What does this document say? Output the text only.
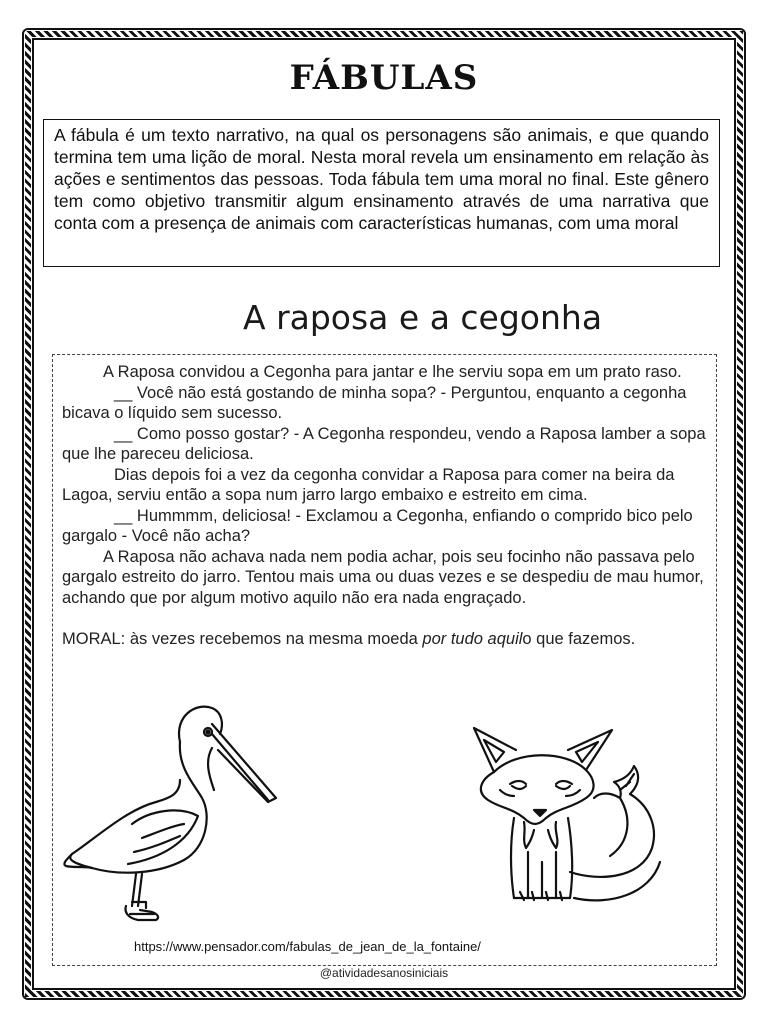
FÁBULAS
A fábula é um texto narrativo, na qual os personagens são animais, e que quando termina tem uma lição de moral. Nesta moral revela um ensinamento em relação às ações e sentimentos das pessoas. Toda fábula tem uma moral no final. Este gênero tem como objetivo transmitir algum ensinamento através de uma narrativa que conta com a presença de animais com características humanas, com uma moral
A raposa e a cegonha

A Raposa convidou a Cegonha para jantar e lhe serviu sopa em um prato raso.

__ Você não está gostando de minha sopa? - Perguntou, enquanto a cegonha bicava o líquido sem sucesso.

__ Como posso gostar? - A Cegonha respondeu, vendo a Raposa lamber a sopa que lhe pareceu deliciosa.

Dias depois foi a vez da cegonha convidar a Raposa para comer na beira da Lagoa, serviu então a sopa num jarro largo embaixo e estreito em cima.

__ Hummmm, deliciosa! - Exclamou a Cegonha, enfiando o comprido bico pelo gargalo - Você não acha?

A Raposa não achava nada nem podia achar, pois seu focinho não passava pelo gargalo estreito do jarro. Tentou mais uma ou duas vezes e se despediu de mau humor, achando que por algum motivo aquilo não era nada engraçado.

MORAL: às vezes recebemos na mesma moeda por tudo aquilo que fazemos.

https://www.pensador.com/fabulas_de_jean_de_la_fontaine/
@atividadesanosiniciais
